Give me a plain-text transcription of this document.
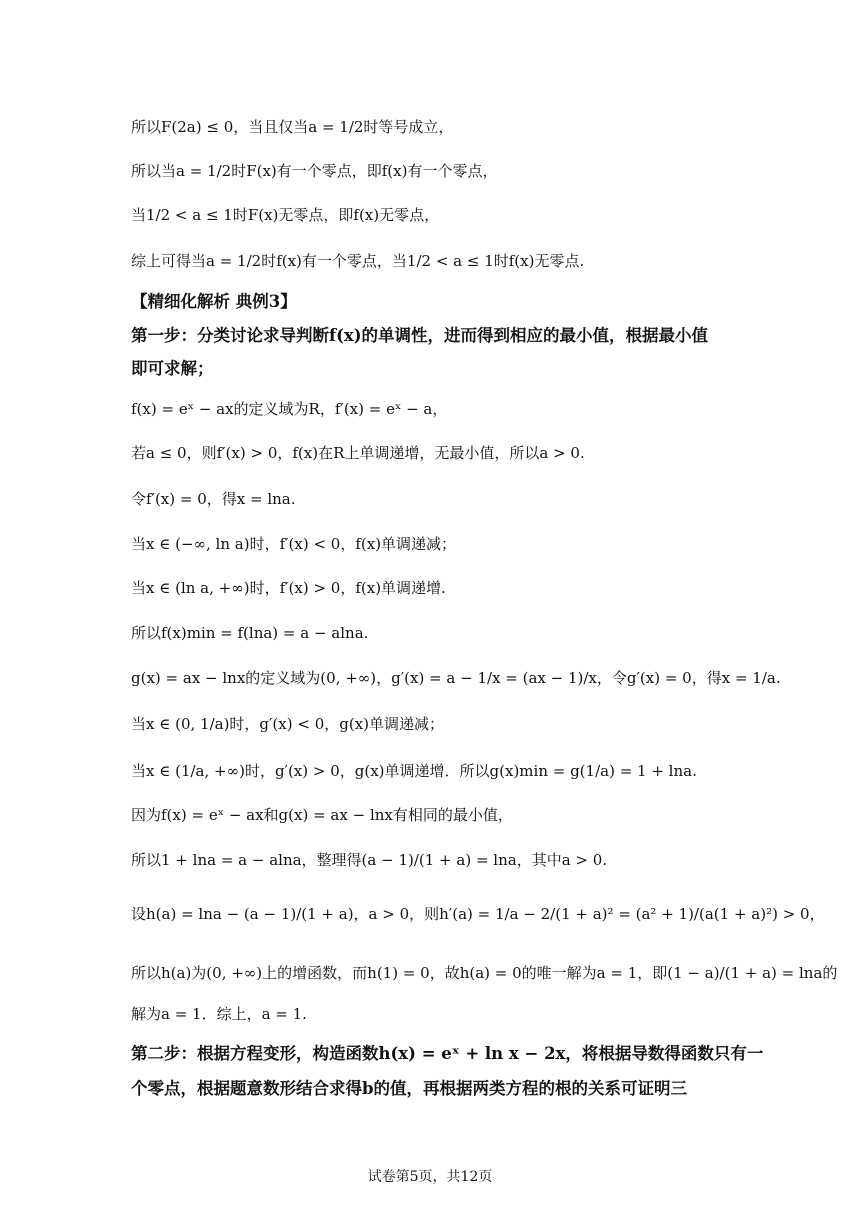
所以F(2a) ≤ 0，当且仅当a = 1/2时等号成立，
所以当a = 1/2时F(x)有一个零点，即f(x)有一个零点，
当1/2 < a ≤ 1时F(x)无零点，即f(x)无零点，
综上可得当a = 1/2时f(x)有一个零点，当1/2 < a ≤ 1时f(x)无零点.
【精细化解析 典例3】
第一步：分类讨论求导判断f(x)的单调性，进而得到相应的最小值，根据最小值
即可求解；
f(x) = eˣ − ax的定义域为R，f′(x) = eˣ − a，
若a ≤ 0，则f′(x) > 0，f(x)在R上单调递增，无最小值，所以a > 0.
令f′(x) = 0，得x = lna.
当x ∈ (−∞, ln a)时，f′(x) < 0，f(x)单调递减；
当x ∈ (ln a, +∞)时，f′(x) > 0，f(x)单调递增.
所以f(x)min = f(lna) = a − alna.
g(x) = ax − lnx的定义域为(0, +∞)，g′(x) = a − 1/x = (ax − 1)/x，令g′(x) = 0，得x = 1/a.
当x ∈ (0, 1/a)时，g′(x) < 0，g(x)单调递减；
当x ∈ (1/a, +∞)时，g′(x) > 0，g(x)单调递增．所以g(x)min = g(1/a) = 1 + lna.
因为f(x) = eˣ − ax和g(x) = ax − lnx有相同的最小值，
所以1 + lna = a − alna，整理得(a − 1)/(1 + a) = lna，其中a > 0.
设h(a) = lna − (a − 1)/(1 + a)，a > 0，则h′(a) = 1/a − 2/(1 + a)² = (a² + 1)/(a(1 + a)²) > 0，
所以h(a)为(0, +∞)上的增函数，而h(1) = 0，故h(a) = 0的唯一解为a = 1，即(1 − a)/(1 + a) = lna的
解为a = 1．综上，a = 1.
第二步：根据方程变形，构造函数h(x) = eˣ + ln x − 2x，将根据导数得函数只有一
个零点，根据题意数形结合求得b的值，再根据两类方程的根的关系可证明三
试卷第5页，共12页
